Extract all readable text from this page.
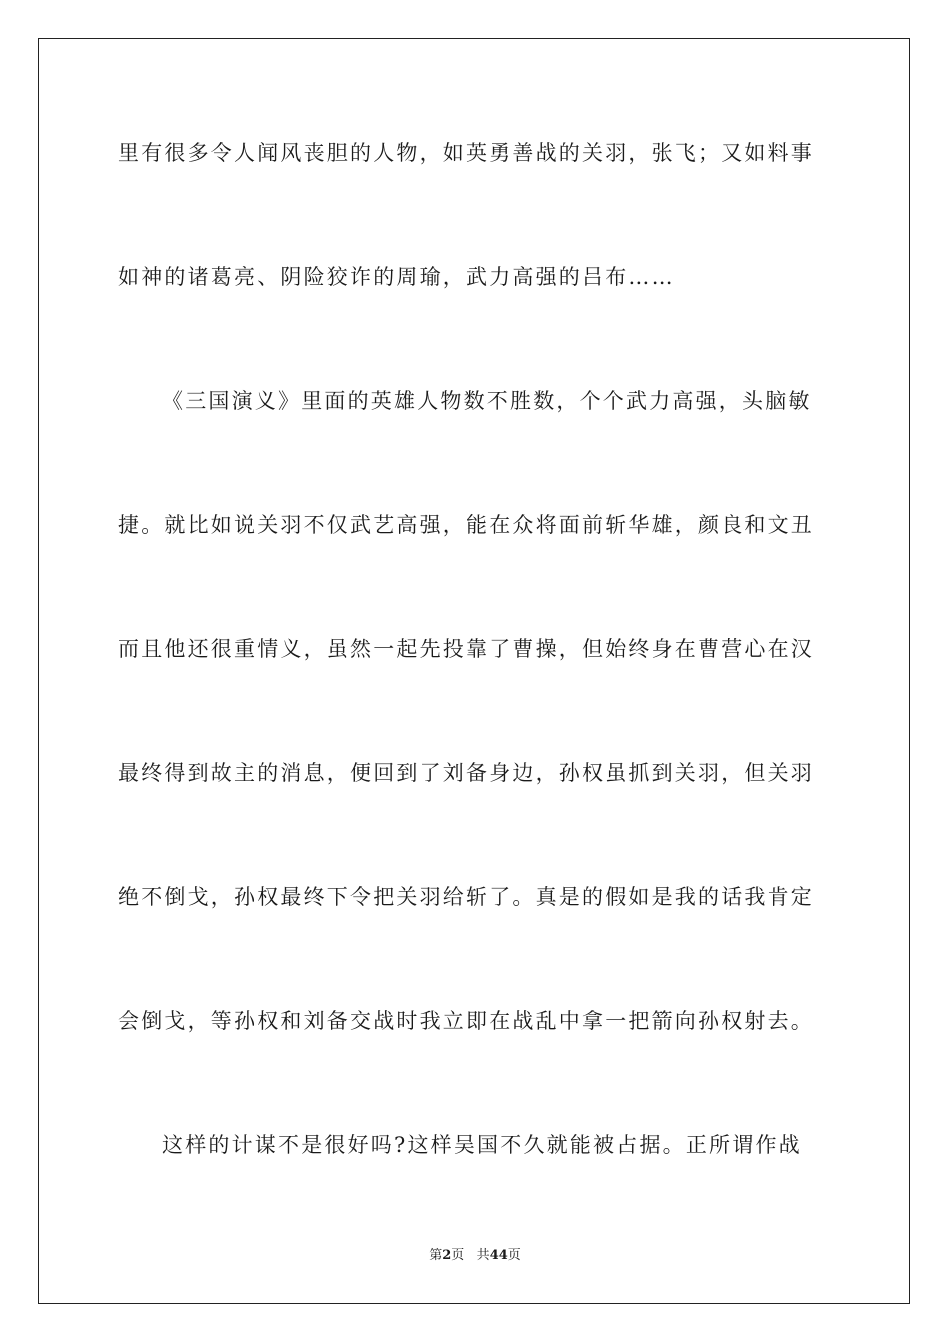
里有很多令人闻风丧胆的人物，如英勇善战的关羽，张飞；又如料事
如神的诸葛亮、阴险狡诈的周瑜，武力高强的吕布……
《三国演义》里面的英雄人物数不胜数，个个武力高强，头脑敏
捷。就比如说关羽不仅武艺高强，能在众将面前斩华雄，颜良和文丑
而且他还很重情义，虽然一起先投靠了曹操，但始终身在曹营心在汉
最终得到故主的消息，便回到了刘备身边，孙权虽抓到关羽，但关羽
绝不倒戈，孙权最终下令把关羽给斩了。真是的假如是我的话我肯定
会倒戈，等孙权和刘备交战时我立即在战乱中拿一把箭向孙权射去。
这样的计谋不是很好吗?这样吴国不久就能被占据。正所谓作战
第2页 共44页
